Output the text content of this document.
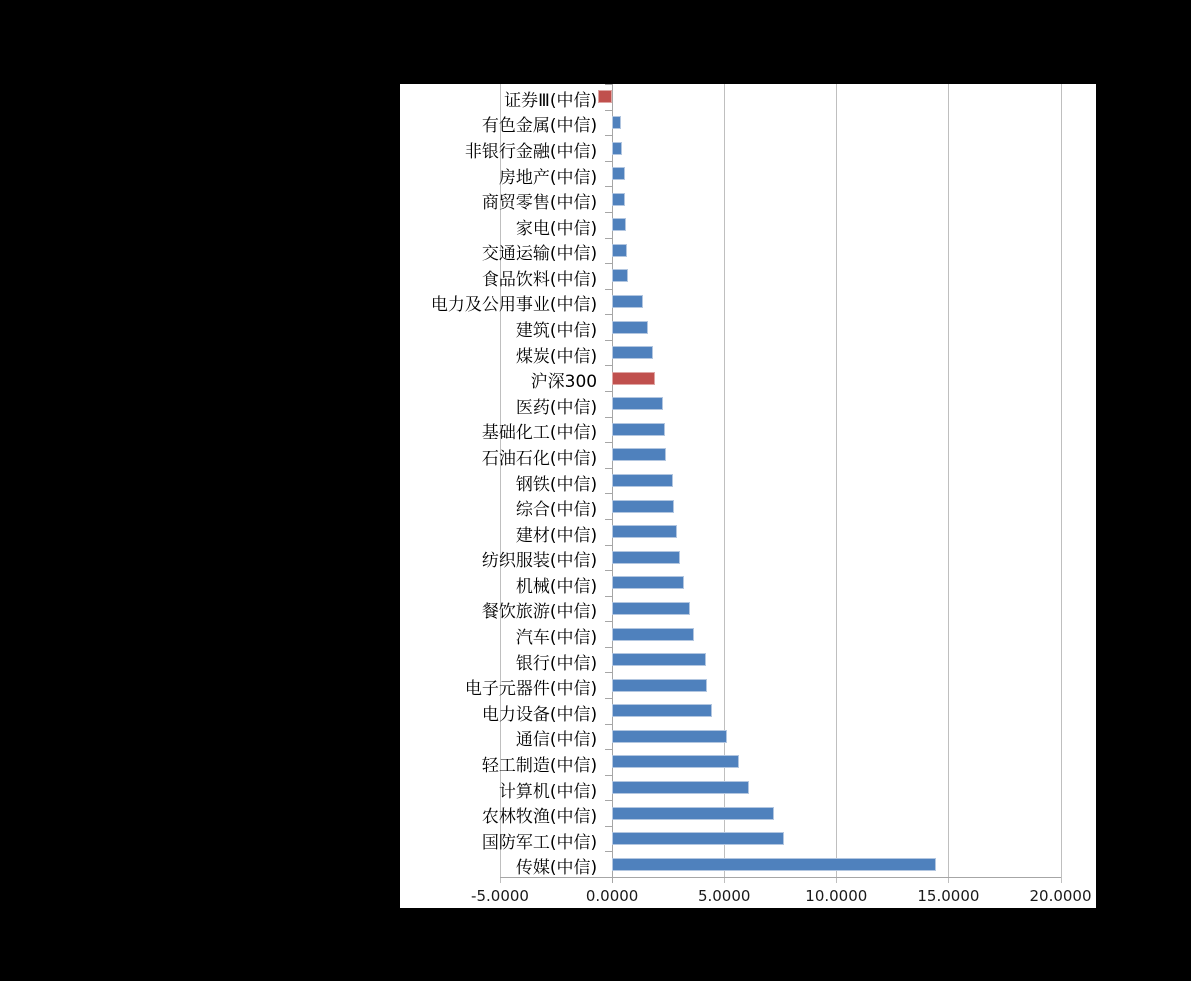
证券Ⅲ(中信)
有色金属(中信)
非银行金融(中信)
房地产(中信)
商贸零售(中信)
家电(中信)
交通运输(中信)
食品饮料(中信)
电力及公用事业(中信)
建筑(中信)
煤炭(中信)
沪深300
医药(中信)
基础化工(中信)
石油石化(中信)
钢铁(中信)
综合(中信)
建材(中信)
纺织服装(中信)
机械(中信)
餐饮旅游(中信)
汽车(中信)
银行(中信)
电子元器件(中信)
电力设备(中信)
通信(中信)
轻工制造(中信)
计算机(中信)
农林牧渔(中信)
国防军工(中信)
传媒(中信)
-5.0000	0.0000	5.0000	10.0000	15.0000	20.0000
